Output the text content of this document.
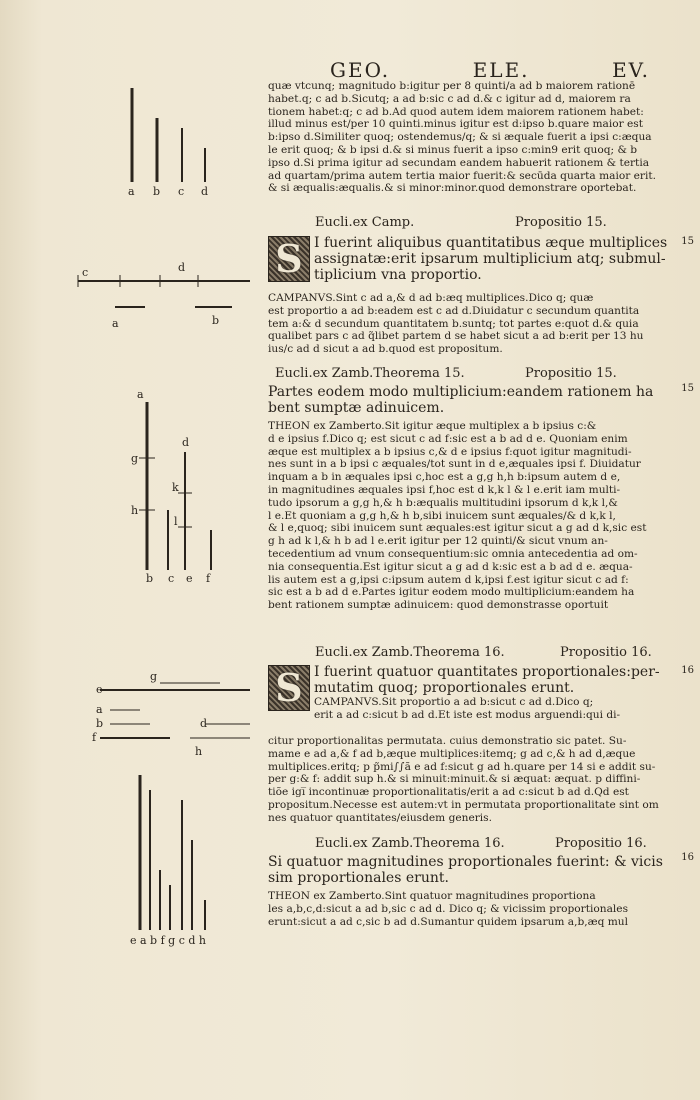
GEO.	ELE.	EV.
a b c d
c	d
a	b
a
g
h
d
k
l
b c e f
g
e
a
b	d
f
h
e a b f g c d h
quæ vtcunq; magnitudo b:igitur per 8 quinti/a ad b maiorem rationē
habet.q; c ad b.Sicutq; a ad b:sic c ad d.& c igitur ad d, maiorem ra
tionem habet:q; c ad b.Ad quod autem idem maiorem rationem habet:
illud minus est/per 10 quinti.minus igitur est d:ipso b.quare maior est
b:ipso d.Similiter quoq; ostendemus/q; & si æquale fuerit a ipsi c:æqua
le erit quoq; & b ipsi d.& si minus fuerit a ipso c:min9 erit quoq; & b
ipso d.Si prima igitur ad secundam eandem habuerit rationem & tertia
ad quartam/prima autem tertia maior fuerit:& secūda quarta maior erit.
& si æqualis:æqualis.& si minor:minor.quod demonstrare oportebat.
Eucli.ex Camp.	Propositio 15.
S I fuerint aliquibus quantitatibus æque multiplices
assignatæ:erit ipsarum multiplicium atq; submul-
tiplicium vna proportio.
15
CAMPANVS.Sint c ad a,& d ad b:æq multiplices.Dico q; quæ
est proportio a ad b:eadem est c ad d.Diuidatur c secundum quantita
tem a:& d secundum quantitatem b.suntq; tot partes e:quot d.& quia
qualibet pars c ad q̃libet partem d se habet sicut a ad b:erit per 13 hu
ius/c ad d sicut a ad b.quod est propositum.
Eucli.ex Zamb.Theorema 15.	Propositio 15.
Partes eodem modo multiplicium:eandem rationem ha
bent sumptæ adinuicem.
15
THEON ex Zamberto.Sit igitur æque multiplex a b ipsius c:&
d e ipsius f.Dico q; est sicut c ad f:sic est a b ad d e. Quoniam enim
æque est multiplex a b ipsius c,& d e ipsius f:quot igitur magnitudi-
nes sunt in a b ipsi c æquales/tot sunt in d e,æquales ipsi f. Diuidatur
inquam a b in æquales ipsi c,hoc est a g,g h,h b:ipsum autem d e,
in magnitudines æquales ipsi f,hoc est d k,k l & l e.erit iam multi-
tudo ipsorum a g,g h,& h b:æqualis multitudini ipsorum d k,k l,&
l e.Et quoniam a g,g h,& h b,sibi inuicem sunt æquales/& d k,k l,
& l e,quoq; sibi inuicem sunt æquales:est igitur sicut a g ad d k,sic est
g h ad k l,& h b ad l e.erit igitur per 12 quinti/& sicut vnum an-
tecedentium ad vnum consequentium:sic omnia antecedentia ad om-
nia consequentia.Est igitur sicut a g ad d k:sic est a b ad d e. æqua-
lis autem est a g,ipsi c:ipsum autem d k,ipsi f.est igitur sicut c ad f:
sic est a b ad d e.Partes igitur eodem modo multiplicium:eandem ha
bent rationem sumptæ adinuicem: quod demonstrasse oportuit
Eucli.ex Zamb.Theorema 16.	Propositio 16.
S I fuerint quatuor quantitates proportionales:per-
mutatim quoq; proportionales erunt.
CAMPANVS.Sit proportio a ad b:sicut c ad d.Dico q;
erit a ad c:sicut b ad d.Et iste est modus arguendi:qui di-
16
citur proportionalitas permutata. cuius demonstratio sic patet. Su-
mame e ad a,& f ad b,æque multiplices:itemq; g ad c,& h ad d,æque
multiplices.eritq; p p̃mi∫∫ã e ad f:sicut g ad h.quare per 14 si e addit su-
per g:& f: addit sup h.& si minuit:minuit.& si æquat: æquat. p diffini-
tiõe igi̅ incontinuæ proportionalitatis/erit a ad c:sicut b ad d.Qd est
propositum.Necesse est autem:vt in permutata proportionalitate sint om
nes quatuor quantitates/eiusdem generis.
Eucli.ex Zamb.Theorema 16.	Propositio 16.
Si quatuor magnitudines proportionales fuerint: & vicis
sim proportionales erunt.
16
THEON ex Zamberto.Sint quatuor magnitudines proportiona
les a,b,c,d:sicut a ad b,sic c ad d. Dico q; & vicissim proportionales
erunt:sicut a ad c,sic b ad d.Sumantur quidem ipsarum a,b,æq mul
